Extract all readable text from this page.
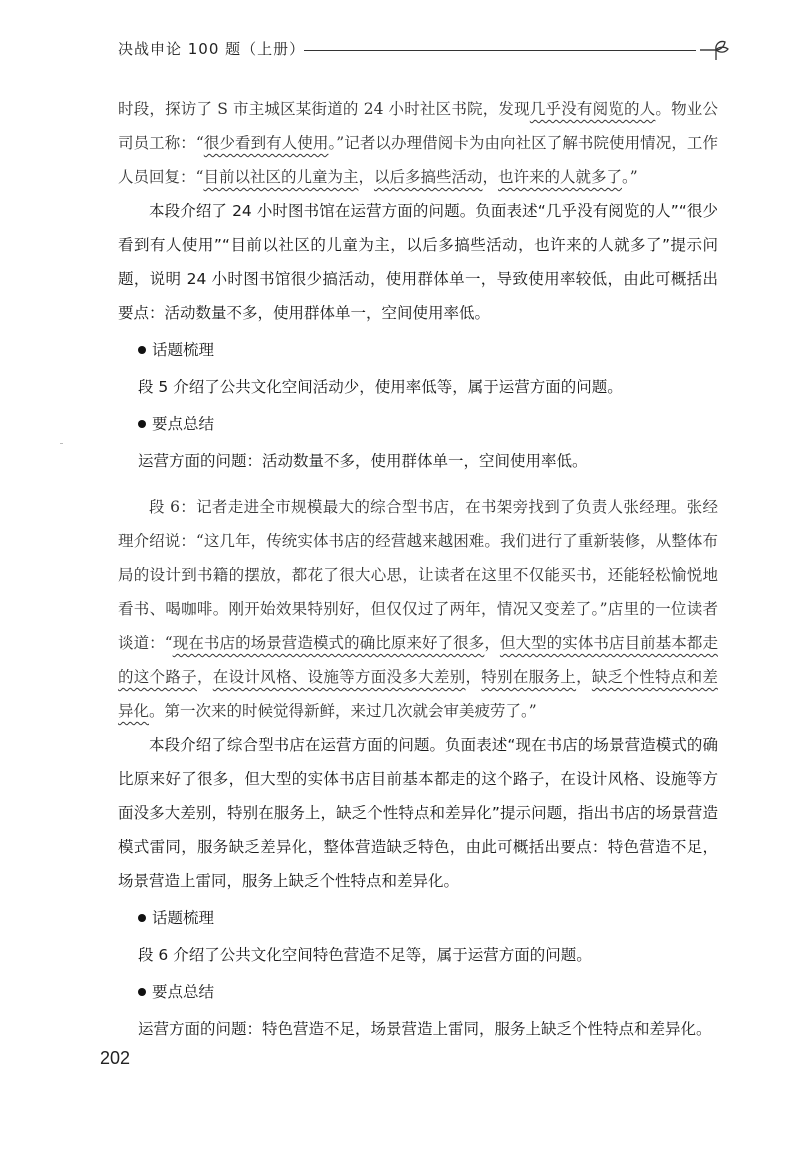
决战申论 100 题（上册）

时段，探访了 S 市主城区某街道的 24 小时社区书院，发现几乎没有阅览的人。物业公司员工称：“很少看到有人使用。”记者以办理借阅卡为由向社区了解书院使用情况，工作人员回复：“目前以社区的儿童为主，以后多搞些活动，也许来的人就多了。”

本段介绍了 24 小时图书馆在运营方面的问题。负面表述“几乎没有阅览的人”“很少看到有人使用”“目前以社区的儿童为主，以后多搞些活动，也许来的人就多了”提示问题，说明 24 小时图书馆很少搞活动，使用群体单一，导致使用率较低，由此可概括出要点：活动数量不多，使用群体单一，空间使用率低。

话题梳理

段 5 介绍了公共文化空间活动少，使用率低等，属于运营方面的问题。

要点总结

运营方面的问题：活动数量不多，使用群体单一，空间使用率低。

段 6：记者走进全市规模最大的综合型书店，在书架旁找到了负责人张经理。张经理介绍说：“这几年，传统实体书店的经营越来越困难。我们进行了重新装修，从整体布局的设计到书籍的摆放，都花了很大心思，让读者在这里不仅能买书，还能轻松愉悦地看书、喝咖啡。刚开始效果特别好，但仅仅过了两年，情况又变差了。”店里的一位读者谈道：“现在书店的场景营造模式的确比原来好了很多，但大型的实体书店目前基本都走的这个路子，在设计风格、设施等方面没多大差别，特别在服务上，缺乏个性特点和差异化。第一次来的时候觉得新鲜，来过几次就会审美疲劳了。”

本段介绍了综合型书店在运营方面的问题。负面表述“现在书店的场景营造模式的确比原来好了很多，但大型的实体书店目前基本都走的这个路子，在设计风格、设施等方面没多大差别，特别在服务上，缺乏个性特点和差异化”提示问题，指出书店的场景营造模式雷同，服务缺乏差异化，整体营造缺乏特色，由此可概括出要点：特色营造不足，场景营造上雷同，服务上缺乏个性特点和差异化。

话题梳理

段 6 介绍了公共文化空间特色营造不足等，属于运营方面的问题。

要点总结

运营方面的问题：特色营造不足，场景营造上雷同，服务上缺乏个性特点和差异化。

202
